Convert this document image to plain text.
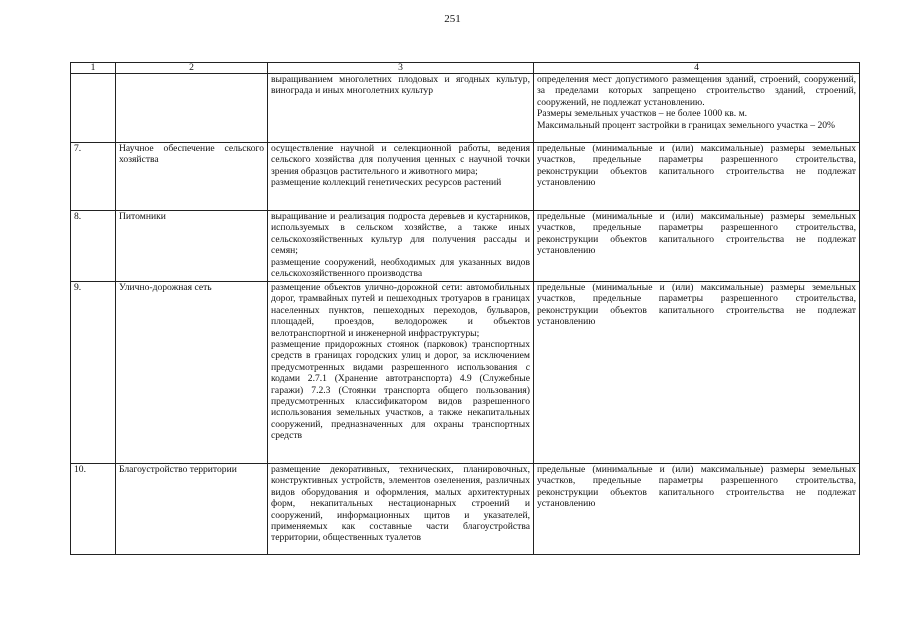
251
1	2	3	4
		выращиванием многолетних плодовых и ягодных культур, винограда и иных многолетних культур	определения мест допустимого размещения зданий, строений, сооружений, за пределами которых запрещено строительство зданий, строений, сооружений, не подлежат установлению.
Размеры земельных участков – не более 1000 кв. м.
Максимальный процент застройки в границах земельного участка – 20%
7.	Научное обеспечение сельского хозяйства	осуществление научной и селекционной работы, ведения сельского хозяйства для получения ценных с научной точки зрения образцов растительного и животного мира;
размещение коллекций генетических ресурсов растений	предельные (минимальные и (или) максимальные) размеры земельных участков, предельные параметры разрешенного строительства, реконструкции объектов капитального строительства не подлежат установлению
8.	Питомники	выращивание и реализация подроста деревьев и кустарников, используемых в сельском хозяйстве, а также иных сельскохозяйственных культур для получения рассады и семян;
размещение сооружений, необходимых для указанных видов сельскохозяйственного производства	предельные (минимальные и (или) максимальные) размеры земельных участков, предельные параметры разрешенного строительства, реконструкции объектов капитального строительства не подлежат установлению
9.	Улично-дорожная сеть	размещение объектов улично-дорожной сети: автомобильных дорог, трамвайных путей и пешеходных тротуаров в границах населенных пунктов, пешеходных переходов, бульваров, площадей, проездов, велодорожек и объектов велотранспортной и инженерной инфраструктуры;
размещение придорожных стоянок (парковок) транспортных средств в границах городских улиц и дорог, за исключением предусмотренных видами разрешенного использования с кодами 2.7.1 (Хранение автотранспорта) 4.9 (Служебные гаражи) 7.2.3 (Стоянки транспорта общего пользования) предусмотренных классификатором видов разрешенного использования земельных участков, а также некапитальных сооружений, предназначенных для охраны транспортных средств	предельные (минимальные и (или) максимальные) размеры земельных участков, предельные параметры разрешенного строительства, реконструкции объектов капитального строительства не подлежат установлению
10.	Благоустройство территории	размещение декоративных, технических, планировочных, конструктивных устройств, элементов озеленения, различных видов оборудования и оформления, малых архитектурных форм, некапитальных нестационарных строений и сооружений, информационных щитов и указателей, применяемых как составные части благоустройства территории, общественных туалетов	предельные (минимальные и (или) максимальные) размеры земельных участков, предельные параметры разрешенного строительства, реконструкции объектов капитального строительства не подлежат установлению
